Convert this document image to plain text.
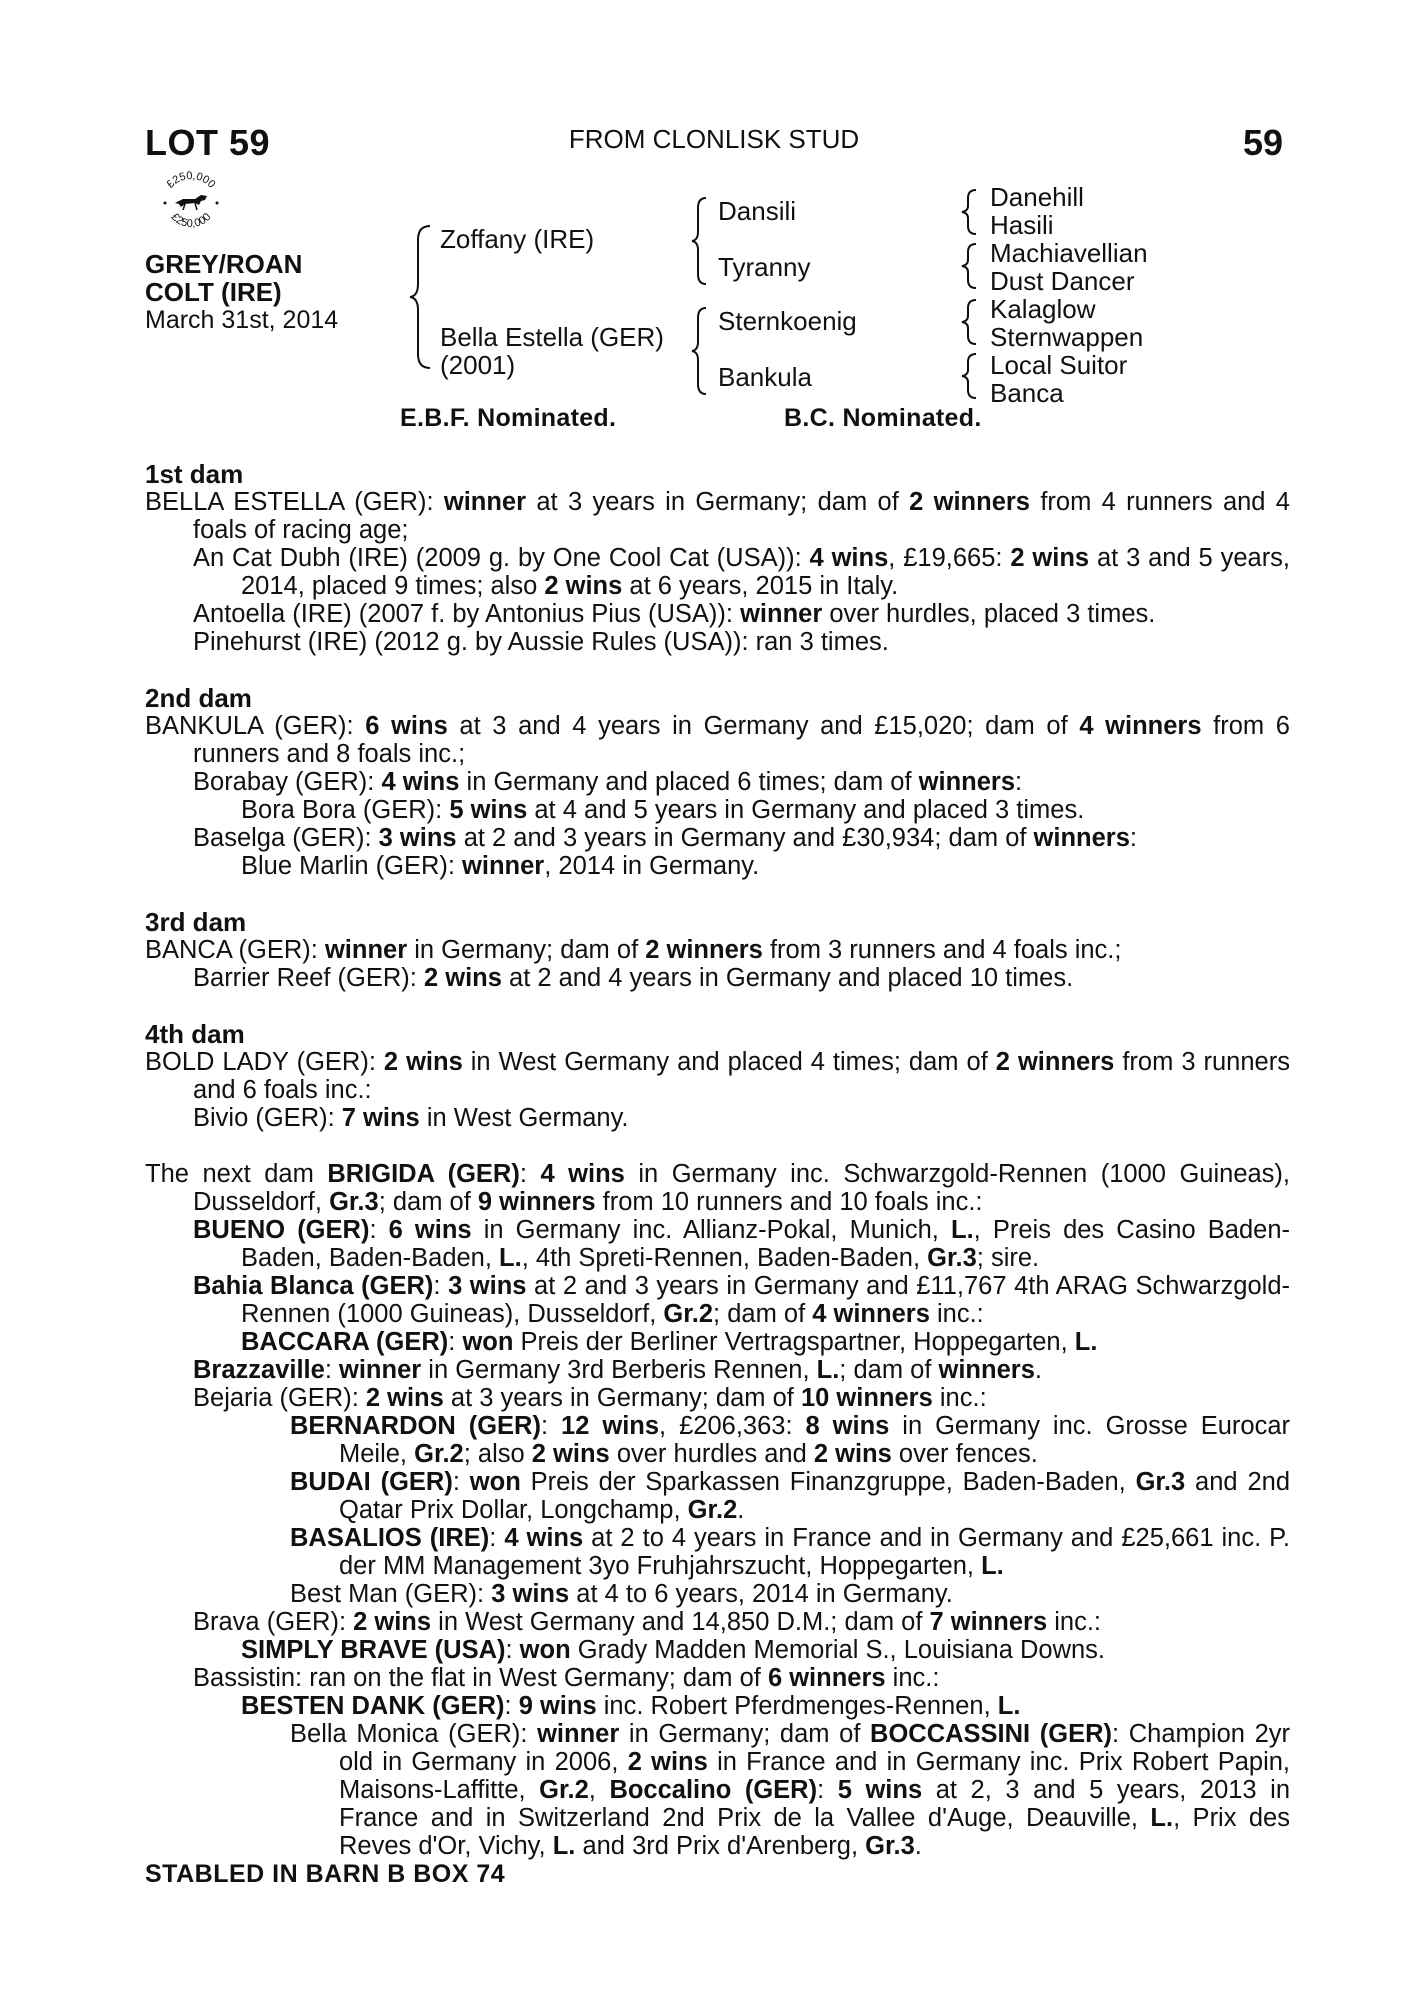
LOT 59	FROM CLONLISK STUD	59
£250,000
£250,000
GREY/ROAN
COLT (IRE)
March 31st, 2014
Zoffany (IRE)
Bella Estella (GER)
(2001)
Dansili
Tyranny
Sternkoenig
Bankula
Danehill
Hasili
Machiavellian
Dust Dancer
Kalaglow
Sternwappen
Local Suitor
Banca
E.B.F. Nominated.	B.C. Nominated.

1st dam

BELLA ESTELLA (GER): winner at 3 years in Germany; dam of 2 winners from 4 runners and 4 foals of racing age;

An Cat Dubh (IRE) (2009 g. by One Cool Cat (USA)): 4 wins, £19,665: 2 wins at 3 and 5 years, 2014, placed 9 times; also 2 wins at 6 years, 2015 in Italy.

Antoella (IRE) (2007 f. by Antonius Pius (USA)): winner over hurdles, placed 3 times.

Pinehurst (IRE) (2012 g. by Aussie Rules (USA)): ran 3 times.

2nd dam

BANKULA (GER): 6 wins at 3 and 4 years in Germany and £15,020; dam of 4 winners from 6 runners and 8 foals inc.;

Borabay (GER): 4 wins in Germany and placed 6 times; dam of winners:

Bora Bora (GER): 5 wins at 4 and 5 years in Germany and placed 3 times.

Baselga (GER): 3 wins at 2 and 3 years in Germany and £30,934; dam of winners:

Blue Marlin (GER): winner, 2014 in Germany.

3rd dam

BANCA (GER): winner in Germany; dam of 2 winners from 3 runners and 4 foals inc.;

Barrier Reef (GER): 2 wins at 2 and 4 years in Germany and placed 10 times.

4th dam

BOLD LADY (GER): 2 wins in West Germany and placed 4 times; dam of 2 winners from 3 runners and 6 foals inc.:

Bivio (GER): 7 wins in West Germany.

The next dam BRIGIDA (GER): 4 wins in Germany inc. Schwarzgold-Rennen (1000 Guineas), Dusseldorf, Gr.3; dam of 9 winners from 10 runners and 10 foals inc.:

BUENO (GER): 6 wins in Germany inc. Allianz-Pokal, Munich, L., Preis des Casino Baden-Baden, Baden-Baden, L., 4th Spreti-Rennen, Baden-Baden, Gr.3; sire.

Bahia Blanca (GER): 3 wins at 2 and 3 years in Germany and £11,767 4th ARAG Schwarzgold-Rennen (1000 Guineas), Dusseldorf, Gr.2; dam of 4 winners inc.:

BACCARA (GER): won Preis der Berliner Vertragspartner, Hoppegarten, L.

Brazzaville: winner in Germany 3rd Berberis Rennen, L.; dam of winners.

Bejaria (GER): 2 wins at 3 years in Germany; dam of 10 winners inc.:

BERNARDON (GER): 12 wins, £206,363: 8 wins in Germany inc. Grosse Eurocar Meile, Gr.2; also 2 wins over hurdles and 2 wins over fences.

BUDAI (GER): won Preis der Sparkassen Finanzgruppe, Baden-Baden, Gr.3 and 2nd Qatar Prix Dollar, Longchamp, Gr.2.

BASALIOS (IRE): 4 wins at 2 to 4 years in France and in Germany and £25,661 inc. P. der MM Management 3yo Fruhjahrszucht, Hoppegarten, L.

Best Man (GER): 3 wins at 4 to 6 years, 2014 in Germany.

Brava (GER): 2 wins in West Germany and 14,850 D.M.; dam of 7 winners inc.:

SIMPLY BRAVE (USA): won Grady Madden Memorial S., Louisiana Downs.

Bassistin: ran on the flat in West Germany; dam of 6 winners inc.:

BESTEN DANK (GER): 9 wins inc. Robert Pferdmenges-Rennen, L.

Bella Monica (GER): winner in Germany; dam of BOCCASSINI (GER): Champion 2yr old in Germany in 2006, 2 wins in France and in Germany inc. Prix Robert Papin, Maisons-Laffitte, Gr.2, Boccalino (GER): 5 wins at 2, 3 and 5 years, 2013 in France and in Switzerland 2nd Prix de la Vallee d'Auge, Deauville, L., Prix des Reves d'Or, Vichy, L. and 3rd Prix d'Arenberg, Gr.3.

STABLED IN BARN B BOX 74
